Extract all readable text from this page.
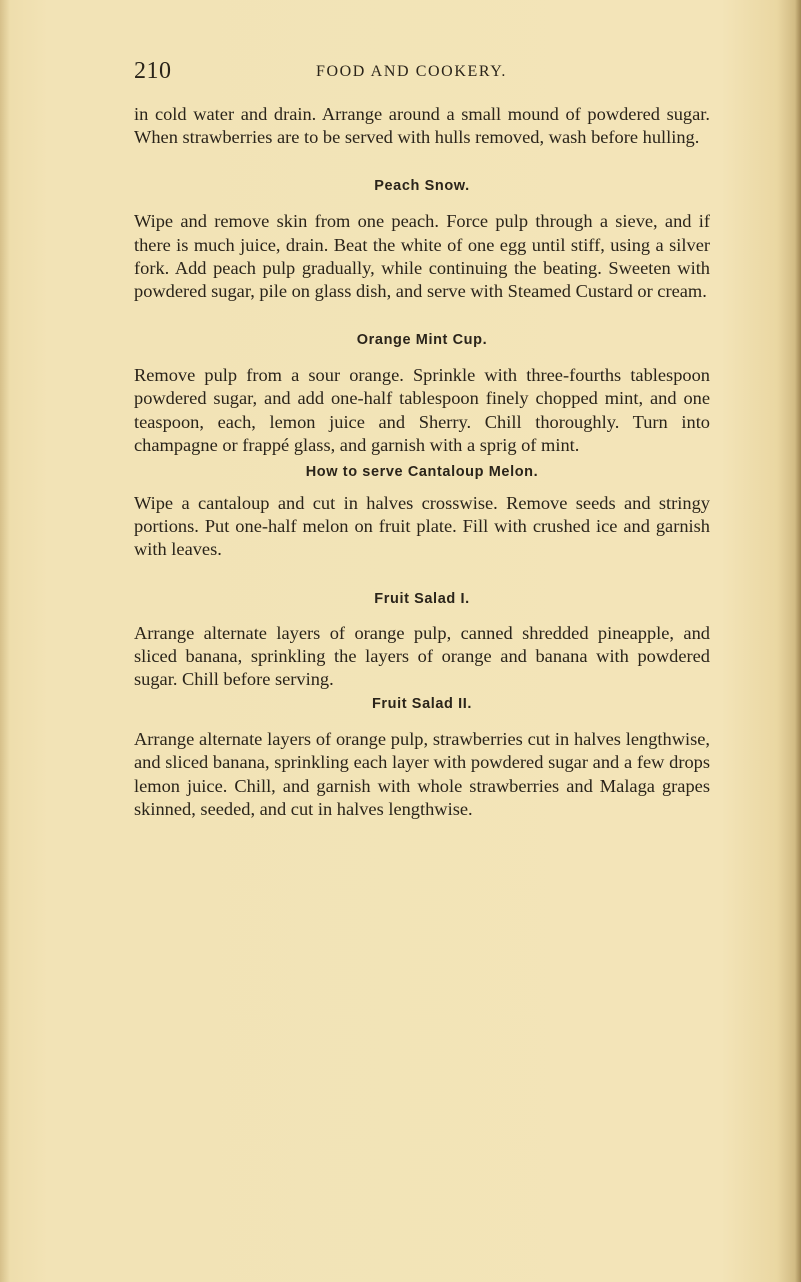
210	FOOD AND COOKERY.

in cold water and drain. Arrange around a small mound of powdered sugar. When strawberries are to be served with hulls removed, wash before hulling.

Peach Snow.

Wipe and remove skin from one peach. Force pulp through a sieve, and if there is much juice, drain. Beat the white of one egg until stiff, using a silver fork. Add peach pulp gradually, while continuing the beating. Sweeten with powdered sugar, pile on glass dish, and serve with Steamed Custard or cream.

Orange Mint Cup.

Remove pulp from a sour orange. Sprinkle with three-fourths tablespoon powdered sugar, and add one-half tablespoon finely chopped mint, and one teaspoon, each, lemon juice and Sherry. Chill thoroughly. Turn into champagne or frappé glass, and garnish with a sprig of mint.

How to serve Cantaloup Melon.

Wipe a cantaloup and cut in halves crosswise. Remove seeds and stringy portions. Put one-half melon on fruit plate. Fill with crushed ice and garnish with leaves.

Fruit Salad I.

Arrange alternate layers of orange pulp, canned shredded pineapple, and sliced banana, sprinkling the layers of orange and banana with powdered sugar. Chill before serving.

Fruit Salad II.

Arrange alternate layers of orange pulp, strawberries cut in halves lengthwise, and sliced banana, sprinkling each layer with powdered sugar and a few drops lemon juice. Chill, and garnish with whole strawberries and Malaga grapes skinned, seeded, and cut in halves lengthwise.
